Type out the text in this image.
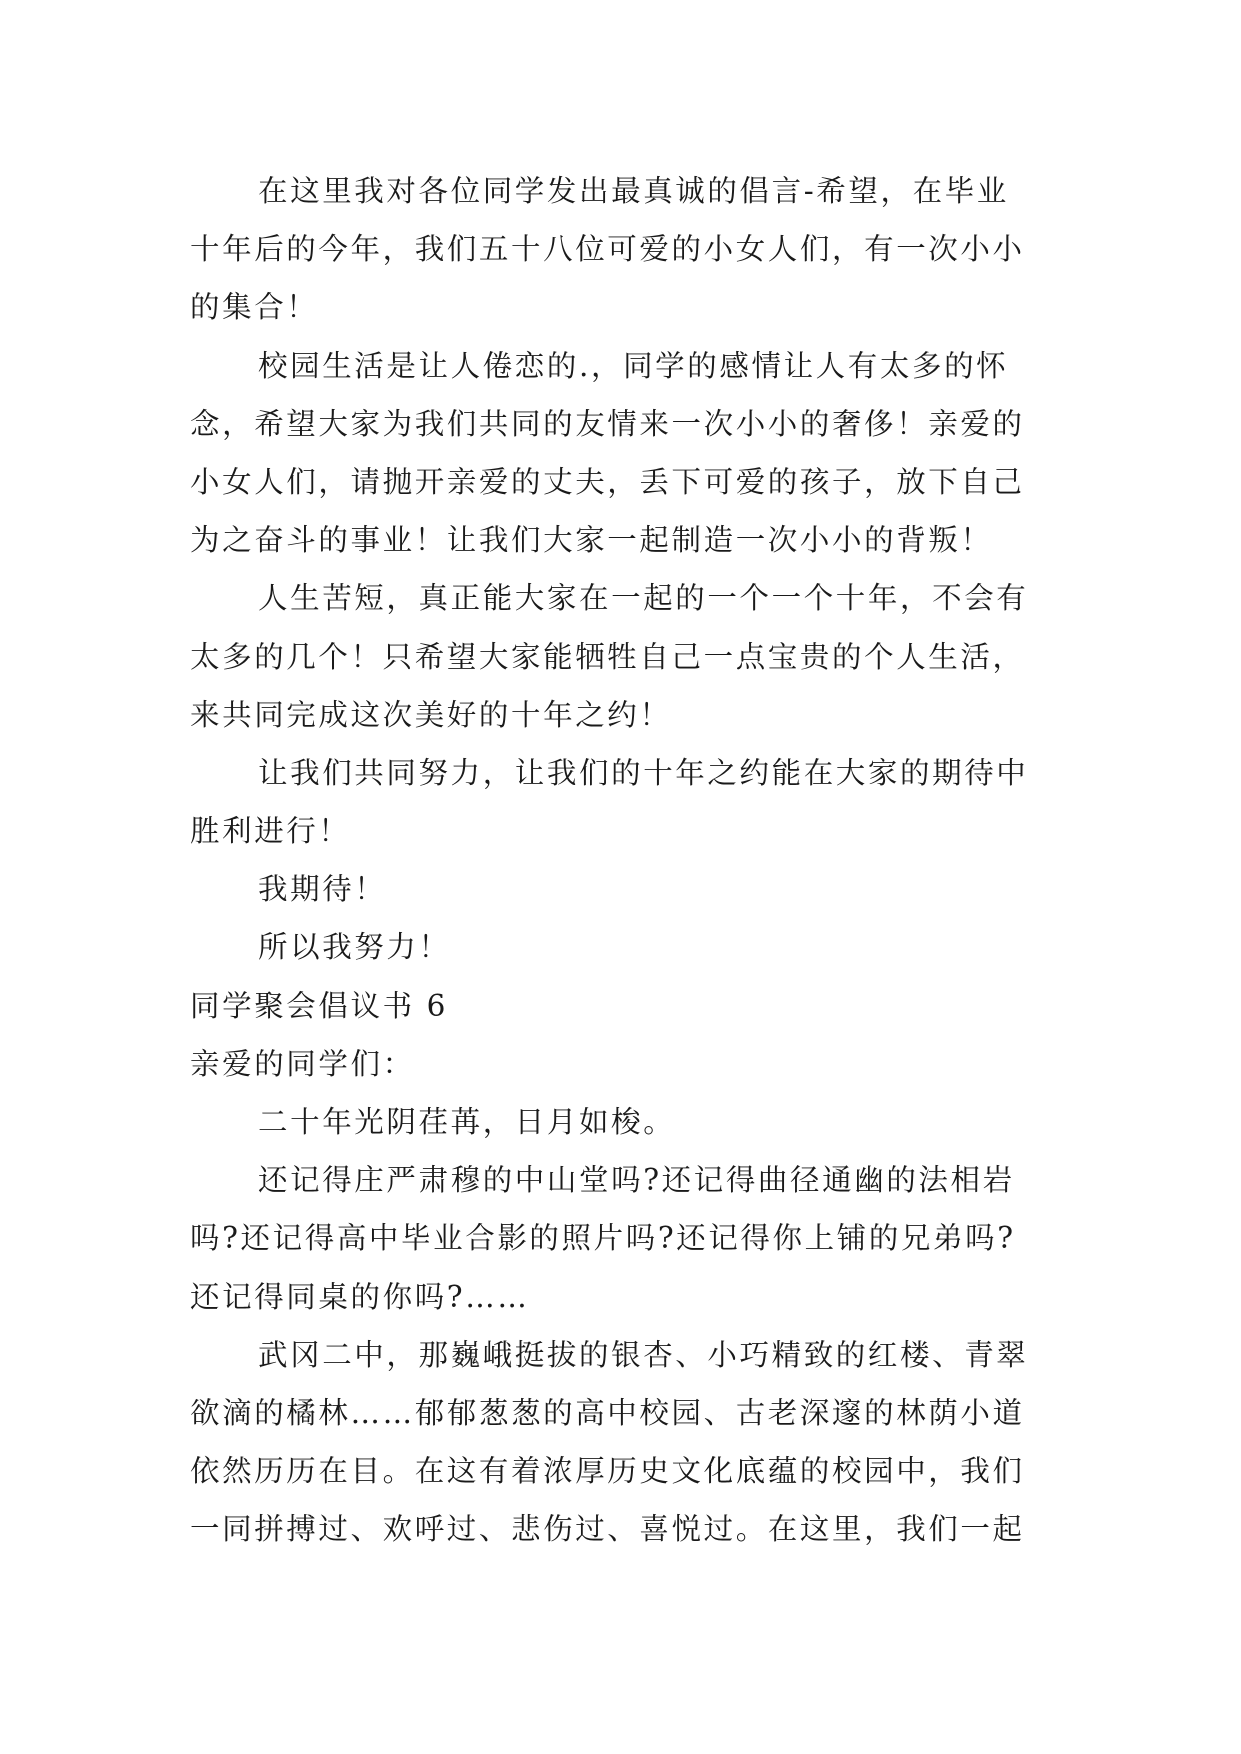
在这里我对各位同学发出最真诚的倡言-希望，在毕业
十年后的今年，我们五十八位可爱的小女人们，有一次小小
的集合！
校园生活是让人倦恋的.，同学的感情让人有太多的怀
念，希望大家为我们共同的友情来一次小小的奢侈！亲爱的
小女人们，请抛开亲爱的丈夫，丢下可爱的孩子，放下自己
为之奋斗的事业！让我们大家一起制造一次小小的背叛！
人生苦短，真正能大家在一起的一个一个十年，不会有
太多的几个！只希望大家能牺牲自己一点宝贵的个人生活，
来共同完成这次美好的十年之约！
让我们共同努力，让我们的十年之约能在大家的期待中
胜利进行！
我期待！
所以我努力！
同学聚会倡议书 6
亲爱的同学们：
二十年光阴荏苒，日月如梭。
还记得庄严肃穆的中山堂吗?还记得曲径通幽的法相岩
吗?还记得高中毕业合影的照片吗?还记得你上铺的兄弟吗?
还记得同桌的你吗?……
武冈二中，那巍峨挺拔的银杏、小巧精致的红楼、青翠
欲滴的橘林……郁郁葱葱的高中校园、古老深邃的林荫小道
依然历历在目。在这有着浓厚历史文化底蕴的校园中，我们
一同拼搏过、欢呼过、悲伤过、喜悦过。在这里，我们一起
